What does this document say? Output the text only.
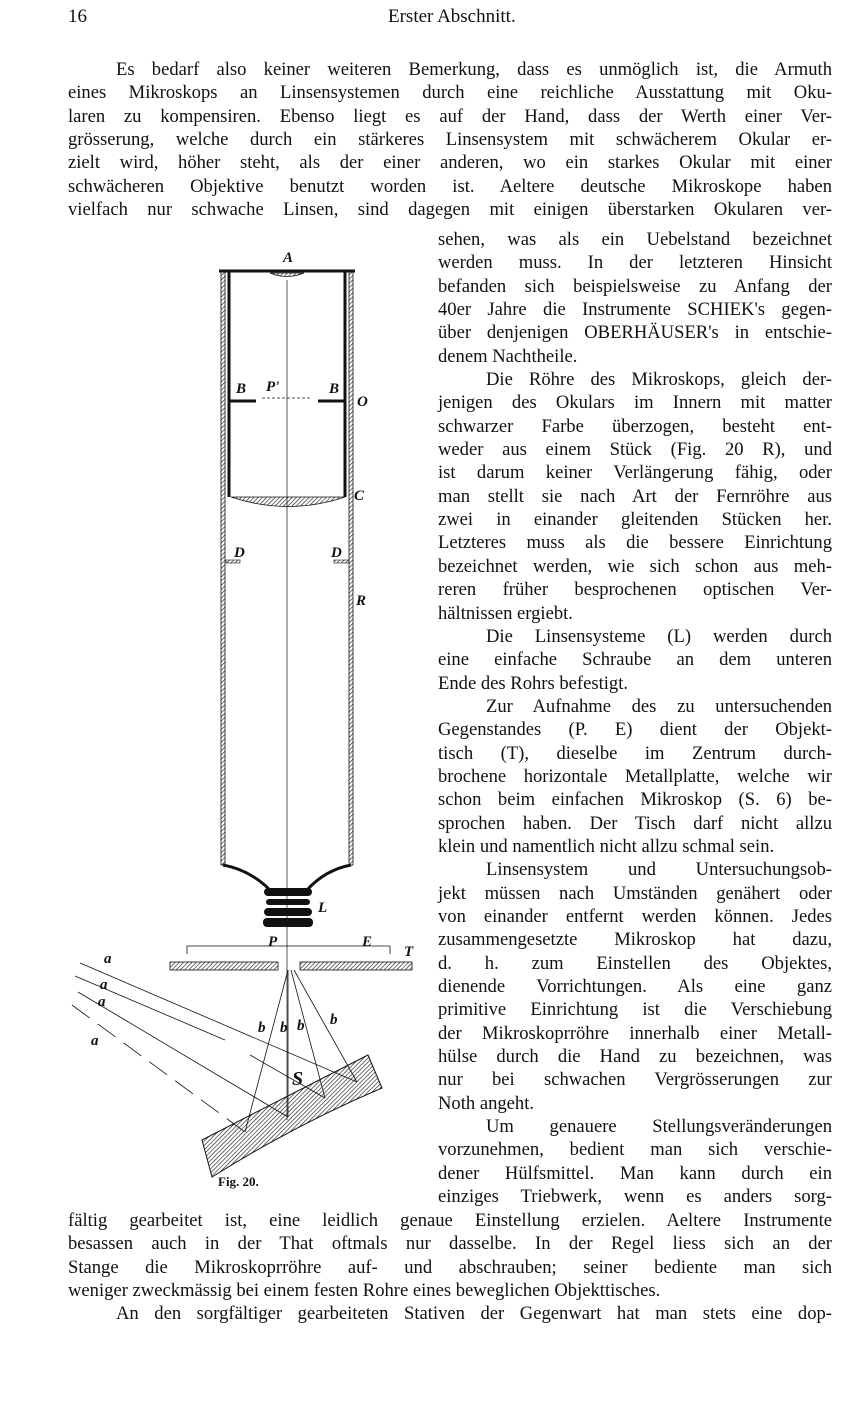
16	Erster Abschnitt.
Es bedarf also keiner weiteren Bemerkung, dass es unmöglich ist, die Armuth
eines Mikroskops an Linsensystemen durch eine reichliche Ausstattung mit Oku-
laren zu kompensiren. Ebenso liegt es auf der Hand, dass der Werth einer Ver-
grösserung, welche durch ein stärkeres Linsensystem mit schwächerem Okular er-
zielt wird, höher steht, als der einer anderen, wo ein starkes Okular mit einer
schwächeren Objektive benutzt worden ist. Aeltere deutsche Mikroskope haben
vielfach nur schwache Linsen, sind dagegen mit einigen überstarken Okularen ver-
sehen, was als ein Uebelstand bezeichnet
werden muss. In der letzteren Hinsicht
befanden sich beispielsweise zu Anfang der
40er Jahre die Instrumente SCHIEK's gegen-
über denjenigen OBERHÄUSER's in entschie-
denem Nachtheile.
Die Röhre des Mikroskops, gleich der-
jenigen des Okulars im Innern mit matter
schwarzer Farbe überzogen, besteht ent-
weder aus einem Stück (Fig. 20 R), und
ist darum keiner Verlängerung fähig, oder
man stellt sie nach Art der Fernröhre aus
zwei in einander gleitenden Stücken her.
Letzteres muss als die bessere Einrichtung
bezeichnet werden, wie sich schon aus meh-
reren früher besprochenen optischen Ver-
hältnissen ergiebt.
Die Linsensysteme (L) werden durch
eine einfache Schraube an dem unteren
Ende des Rohrs befestigt.
Zur Aufnahme des zu untersuchenden
Gegenstandes (P. E) dient der Objekt-
tisch (T), dieselbe im Zentrum durch-
brochene horizontale Metallplatte, welche wir
schon beim einfachen Mikroskop (S. 6) be-
sprochen haben. Der Tisch darf nicht allzu
klein und namentlich nicht allzu schmal sein.
Linsensystem und Untersuchungsob-
jekt müssen nach Umständen genähert oder
von einander entfernt werden können. Jedes
zusammengesetzte Mikroskop hat dazu,
d. h. zum Einstellen des Objektes,
dienende Vorrichtungen. Als eine ganz
primitive Einrichtung ist die Verschiebung
der Mikroskoprröhre innerhalb einer Metall-
hülse durch die Hand zu bezeichnen, was
nur bei schwachen Vergrösserungen zur
Noth angeht.
Um genauere Stellungsveränderungen
vorzunehmen, bedient man sich verschie-
dener Hülfsmittel. Man kann durch ein
einziges Triebwerk, wenn es anders sorg-
fältig gearbeitet ist, eine leidlich genaue Einstellung erzielen. Aeltere Instrumente
besassen auch in der That oftmals nur dasselbe. In der Regel liess sich an der
Stange die Mikroskoprröhre auf- und abschrauben; seiner bediente man sich
weniger zweckmässig bei einem festen Rohre eines beweglichen Objekttisches.
An den sorgfältiger gearbeiteten Stativen der Gegenwart hat man stets eine dop-
A
B P'	B
O
C
D	D
R
L
P	E
T
a
a
a
a
b b b b
S
Fig. 20.
